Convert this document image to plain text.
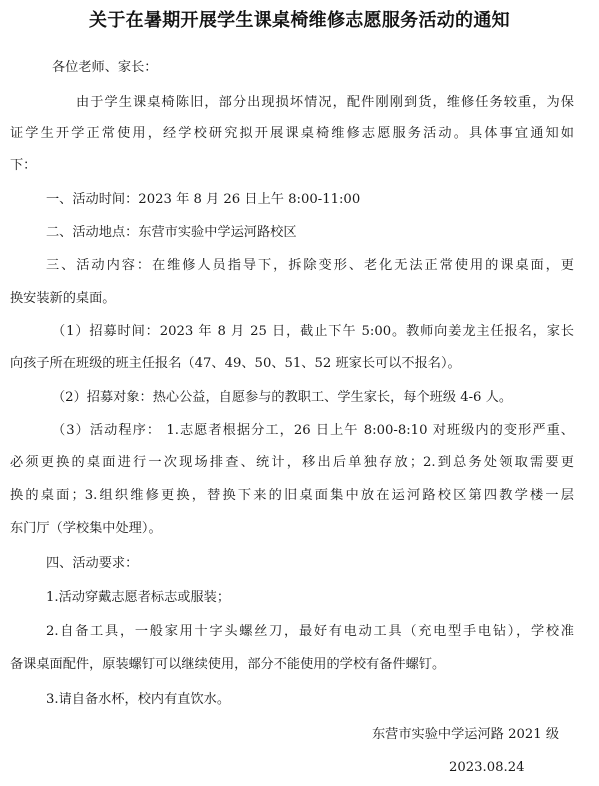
关于在暑期开展学生课桌椅维修志愿服务活动的通知
各位老师、家长：
由于学生课桌椅陈旧，部分出现损坏情况，配件刚刚到货，维修任务较重，为保
证学生开学正常使用，经学校研究拟开展课桌椅维修志愿服务活动。具体事宜通知如
下：
一、活动时间：2023 年 8 月 26 日上午 8:00-11:00
二、活动地点：东营市实验中学运河路校区
三、活动内容：在维修人员指导下，拆除变形、老化无法正常使用的课桌面，更
换安装新的桌面。
（1）招募时间：2023 年 8 月 25 日，截止下午 5:00。教师向姜龙主任报名，家长
向孩子所在班级的班主任报名（47、49、50、51、52 班家长可以不报名）。
（2）招募对象：热心公益，自愿参与的教职工、学生家长，每个班级 4-6 人。
（3）活动程序： 1.志愿者根据分工，26 日上午 8:00-8:10 对班级内的变形严重、
必须更换的桌面进行一次现场排查、统计，移出后单独存放；2.到总务处领取需要更
换的桌面；3.组织维修更换，替换下来的旧桌面集中放在运河路校区第四教学楼一层
东门厅（学校集中处理）。
四、活动要求：
1.活动穿戴志愿者标志或服装；
2.自备工具，一般家用十字头螺丝刀，最好有电动工具（充电型手电钻），学校准
备课桌面配件，原装螺钉可以继续使用，部分不能使用的学校有备件螺钉。
3.请自备水杯，校内有直饮水。
东营市实验中学运河路 2021 级
2023.08.24
